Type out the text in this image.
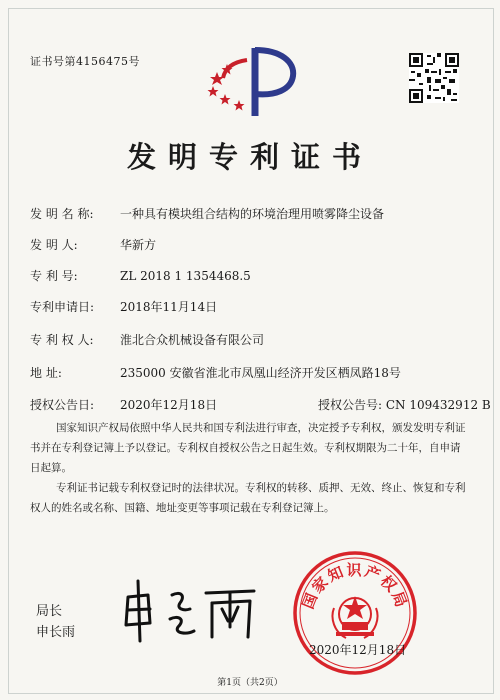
证书号第4156475号
发明专利证书
发 明 名 称: 一种具有模块组合结构的环境治理用喷雾降尘设备
发 明 人:	华新方
专 利 号:	ZL 2018 1 1354468.5
专利申请日: 2018年11月14日
专 利 权 人: 淮北合众机械设备有限公司
地 址:	235000 安徽省淮北市凤凰山经济开发区栖凤路18号
授权公告日: 2020年12月18日	授权公告号: CN 109432912 B
国家知识产权局依照中华人民共和国专利法进行审查，决定授予专利权，颁发发明专利证书并在专利登记簿上予以登记。专利权自授权公告之日起生效。专利权期限为二十年，自申请日起算。
专利证书记载专利权登记时的法律状况。专利权的转移、质押、无效、终止、恢复和专利权人的姓名或名称、国籍、地址变更等事项记载在专利登记簿上。
局长
申长雨
国家知识产权局
2020年12月18日
第1页（共2页）
